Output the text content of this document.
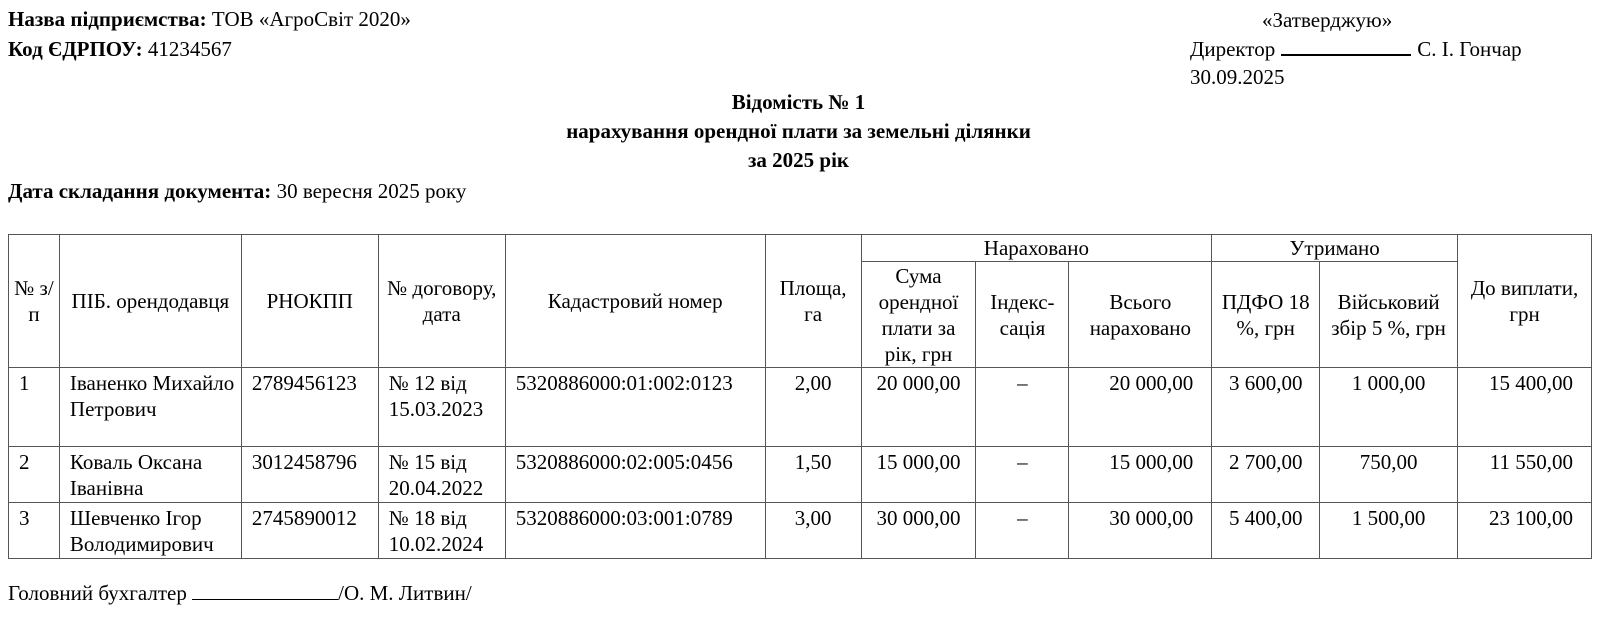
Назва підприємства: ТОВ «АгроСвіт 2020»
Код ЄДРПОУ: 41234567
«Затверджую»
Директор	С. І. Гончар
30.09.2025
Відомість № 1
нарахування орендної плати за земельні ділянки
за 2025 рік
Дата складання документа: 30 вересня 2025 року
№ з/п	ПІБ. орендодавця	РНОКПП	№ договору, дата	Кадастровий номер	Площа, га	Нараховано			Утримано		До виплати, грн
						Сума орендної плати за рік, грн	Індекс- сація	Всього нараховано	ПДФО 18 %, грн	Військовий збір 5 %, грн	
1	Іваненко Михайло Петрович	2789456123	№ 12 від 15.03.2023	5320886000:01:002:0123	2,00	20 000,00	–	20 000,00	3 600,00	1 000,00	15 400,00
2	Коваль Оксана Іванівна	3012458796	№ 15 від 20.04.2022	5320886000:02:005:0456	1,50	15 000,00	–	15 000,00	2 700,00	750,00	11 550,00
3	Шевченко Ігор Володимирович	2745890012	№ 18 від 10.02.2024	5320886000:03:001:0789	3,00	30 000,00	–	30 000,00	5 400,00	1 500,00	23 100,00
Головний бухгалтер	/О. М. Литвин/
